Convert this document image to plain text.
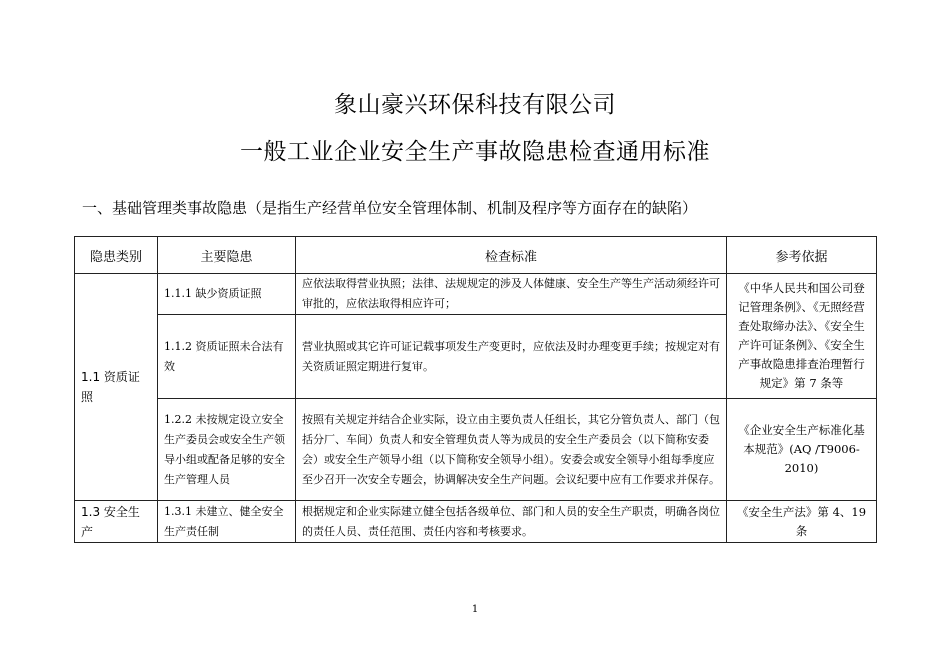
象山豪兴环保科技有限公司
一般工业企业安全生产事故隐患检查通用标准
一、基础管理类事故隐患（是指生产经营单位安全管理体制、机制及程序等方面存在的缺陷）
隐患类别	主要隐患	检查标准	参考依据
1.1 资质证照	1.1.1 缺少资质证照	应依法取得营业执照；法律、法规规定的涉及人体健康、安全生产等生产活动须经许可审批的，应依法取得相应许可；	《中华人民共和国公司登记管理条例》、《无照经营查处取缔办法》、《安全生产许可证条例》、《安全生产事故隐患排查治理暂行规定》第 7 条等
	1.1.2 资质证照未合法有效	营业执照或其它许可证记载事项发生产变更时，应依法及时办理变更手续；按规定对有关资质证照定期进行复审。	
	1.2.2 未按规定设立安全生产委员会或安全生产领导小组或配备足够的安全生产管理人员	按照有关规定并结合企业实际，设立由主要负责人任组长，其它分管负责人、部门（包括分厂、车间）负责人和安全管理负责人等为成员的安全生产委员会（以下简称安委会）或安全生产领导小组（以下简称安全领导小组）。安委会或安全领导小组每季度应至少召开一次安全专题会，协调解决安全生产问题。会议纪要中应有工作要求并保存。	《企业安全生产标准化基本规范》(AQ /T9006-2010)
1.3 安全生产	1.3.1 未建立、健全安全生产责任制	根据规定和企业实际建立健全包括各级单位、部门和人员的安全生产职责，明确各岗位的责任人员、责任范围、责任内容和考核要求。	《安全生产法》第 4、19 条
1
